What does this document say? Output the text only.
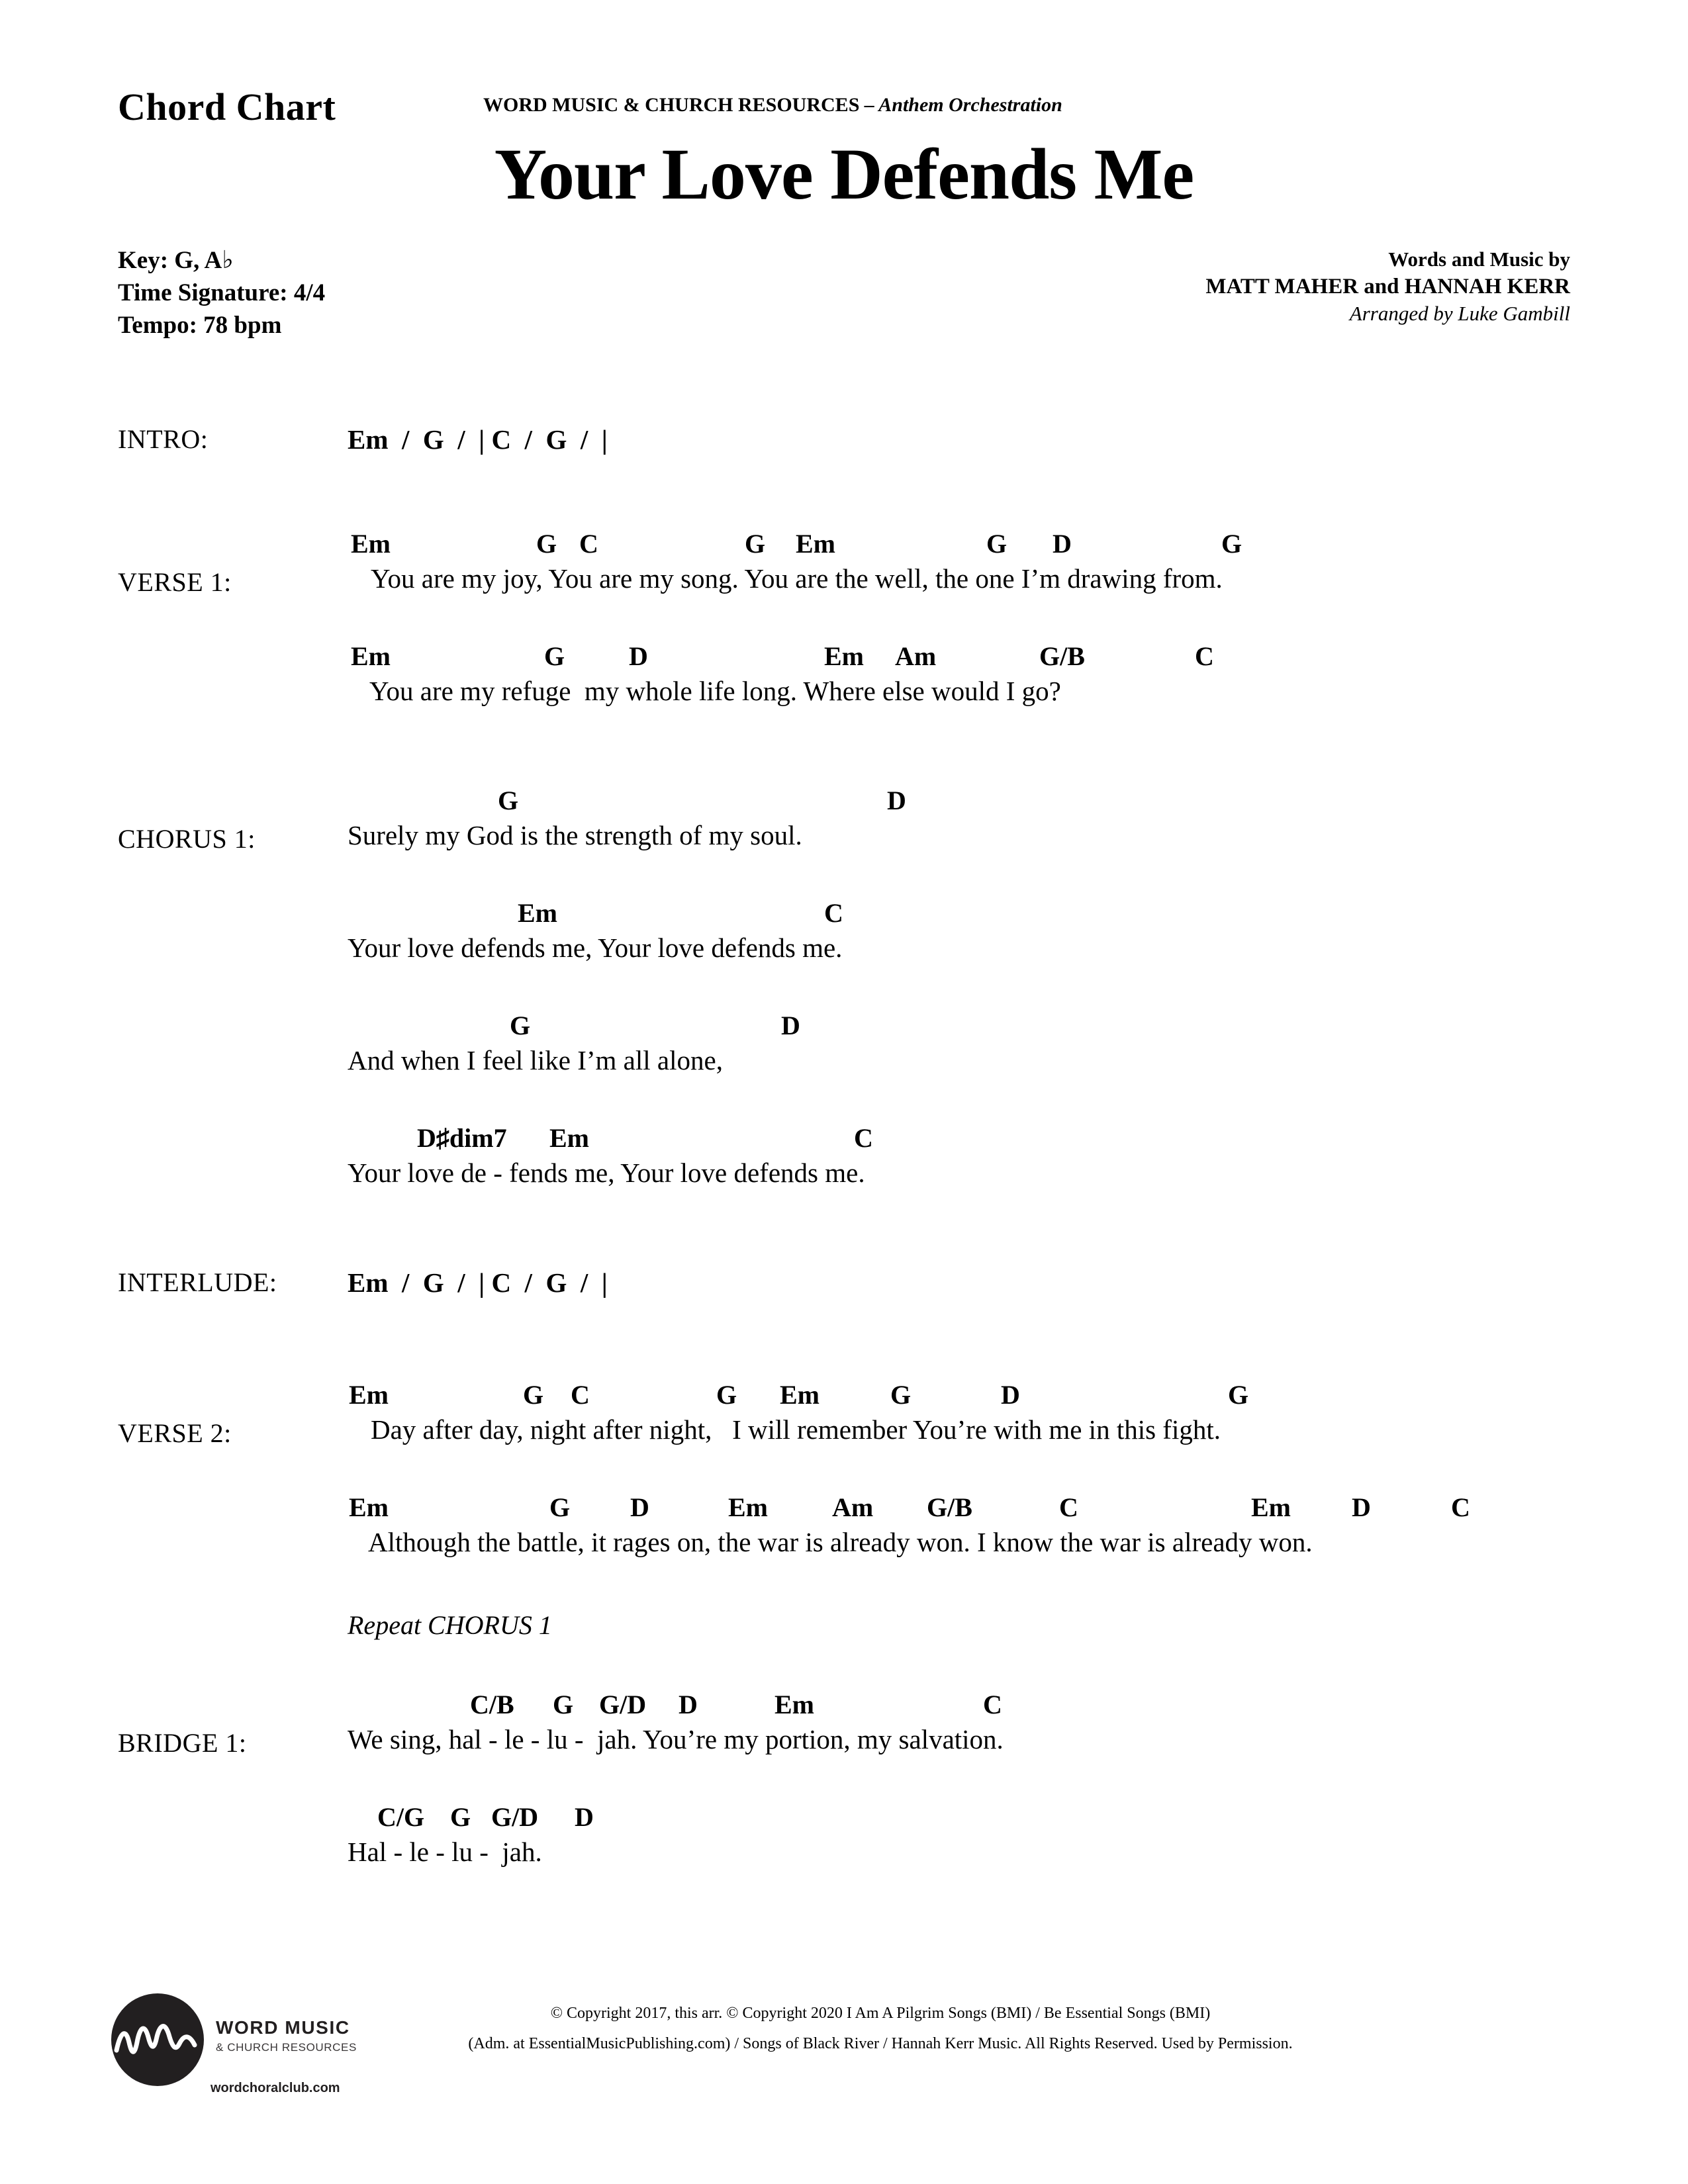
Chord Chart	WORD MUSIC & CHURCH RESOURCES – Anthem Orchestration
Your Love Defends Me
Key: G, A♭
Time Signature: 4/4
Tempo: 78 bpm
Words and Music by
MATT MAHER and HANNAH KERR
Arranged by Luke Gambill
INTRO:	Em  /  G  /  | C  /  G  /  |
VERSE 1:
Em	G C	G Em	G D	G
You are my joy, You are my song. You are the well, the one I’m drawing from.
Em	G D	Em Am	G/B	C
You are my refuge  my whole life long. Where else would I go?
CHORUS 1:
G	D
Surely my God is the strength of my soul.
Em	C
Your love defends me, Your love defends me.
G	D
And when I feel like I’m all alone,
D♯dim7 Em	C
Your love de - fends me, Your love defends me.
INTERLUDE:	Em  /  G  /  | C  /  G  /  |
VERSE 2:
Em	G C	G Em	G	D	G
Day after day, night after night,   I will remember You’re with me in this fight.
Em	G D	Em Am G/B	C	Em D	C
Although the battle, it rages on, the war is already won. I know the war is already won.
Repeat CHORUS 1
BRIDGE 1:
C/B G G/D D	Em	C
We sing, hal - le - lu -  jah. You’re my portion, my salvation.
C/G G G/D D
Hal - le - lu -  jah.
WORD MUSIC
& CHURCH RESOURCES
wordchoralclub.com
© Copyright 2017, this arr. © Copyright 2020 I Am A Pilgrim Songs (BMI) / Be Essential Songs (BMI)
(Adm. at EssentialMusicPublishing.com) / Songs of Black River / Hannah Kerr Music. All Rights Reserved. Used by Permission.
